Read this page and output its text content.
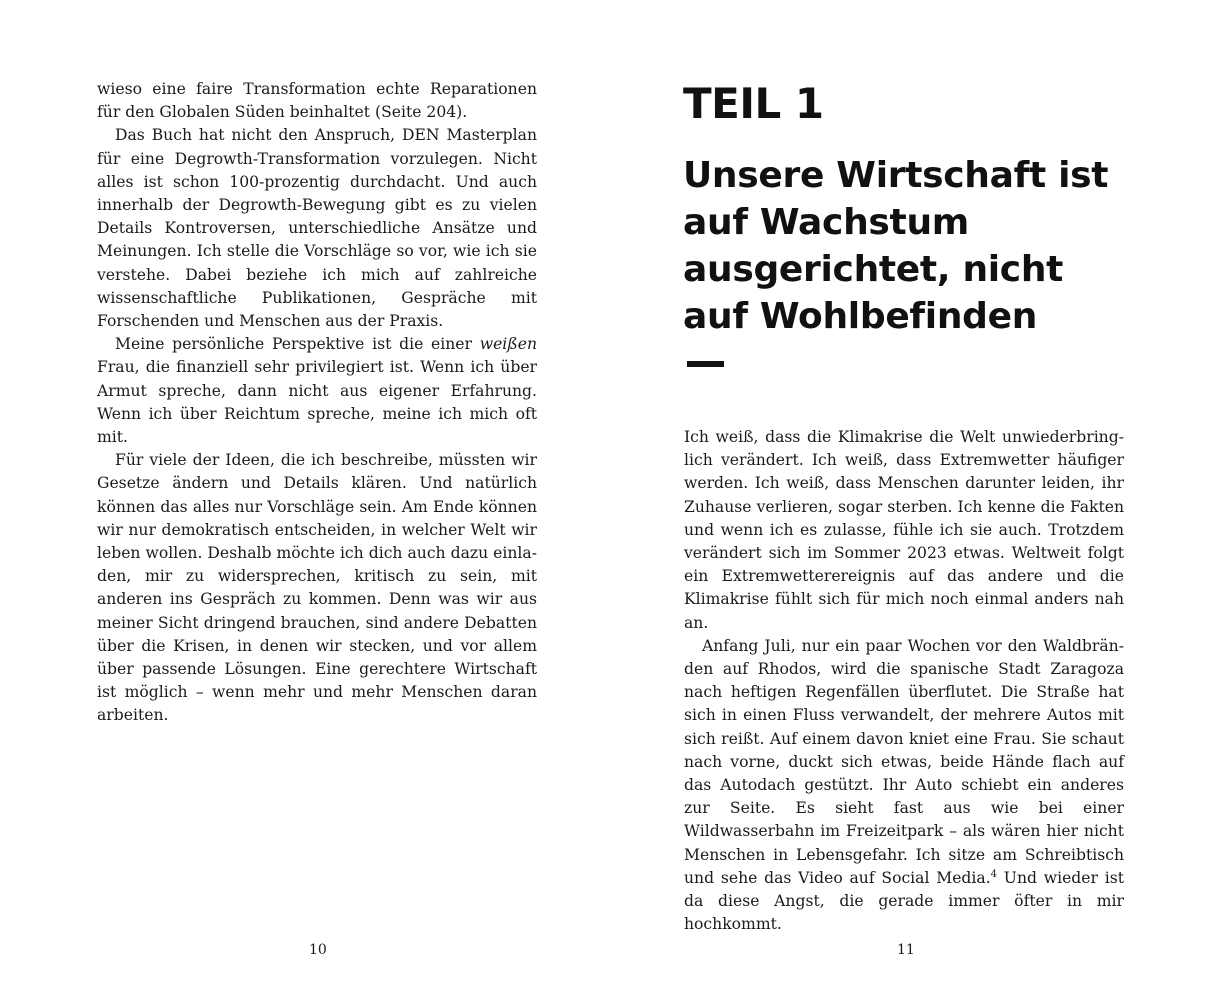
wieso eine faire Transformation echte Reparationen für den Globalen Süden beinhaltet (Seite 204).

Das Buch hat nicht den Anspruch, DEN Masterplan für eine Degrowth-Transformation vorzulegen. Nicht alles ist schon 100-prozentig durchdacht. Und auch innerhalb der Degrowth-Bewegung gibt es zu vielen Details Kontroversen, unterschiedliche Ansätze und Meinungen. Ich stelle die Vorschläge so vor, wie ich sie verstehe. Dabei beziehe ich mich auf zahlreiche wissenschaftliche Publikationen, Gespräche mit Forschenden und Menschen aus der Praxis.

Meine persönliche Perspektive ist die einer weißen Frau, die finanziell sehr privilegiert ist. Wenn ich über Armut spreche, dann nicht aus eigener Erfahrung. Wenn ich über Reichtum spreche, meine ich mich oft mit.

Für viele der Ideen, die ich beschreibe, müssten wir Gesetze ändern und Details klären. Und natürlich können das alles nur Vorschläge sein. Am Ende können wir nur demokratisch entscheiden, in welcher Welt wir leben wollen. Deshalb möchte ich dich auch dazu einladen, mir zu widersprechen, kritisch zu sein, mit anderen ins Gespräch zu kommen. Denn was wir aus meiner Sicht dringend brauchen, sind andere Debatten über die Krisen, in denen wir stecken, und vor allem über passende Lösungen. Eine gerechtere Wirtschaft ist möglich – wenn mehr und mehr Menschen daran arbeiten.

10
TEIL 1
Unsere Wirtschaft ist auf Wachstum ausgerichtet, nicht auf Wohlbefinden

Ich weiß, dass die Klimakrise die Welt unwiederbringlich verändert. Ich weiß, dass Extremwetter häufiger werden. Ich weiß, dass Menschen darunter leiden, ihr Zuhause verlieren, sogar sterben. Ich kenne die Fakten und wenn ich es zulasse, fühle ich sie auch. Trotzdem verändert sich im Sommer 2023 etwas. Weltweit folgt ein Extremwetterereignis auf das andere und die Klimakrise fühlt sich für mich noch einmal anders nah an.

Anfang Juli, nur ein paar Wochen vor den Waldbränden auf Rhodos, wird die spanische Stadt Zaragoza nach heftigen Regenfällen überflutet. Die Straße hat sich in einen Fluss verwandelt, der mehrere Autos mit sich reißt. Auf einem davon kniet eine Frau. Sie schaut nach vorne, duckt sich etwas, beide Hände flach auf das Autodach gestützt. Ihr Auto schiebt ein anderes zur Seite. Es sieht fast aus wie bei einer Wildwasserbahn im Freizeitpark – als wären hier nicht Menschen in Lebensgefahr. Ich sitze am Schreibtisch und sehe das Video auf Social Media.$^4$ Und wieder ist da diese Angst, die gerade immer öfter in mir hochkommt.

11
